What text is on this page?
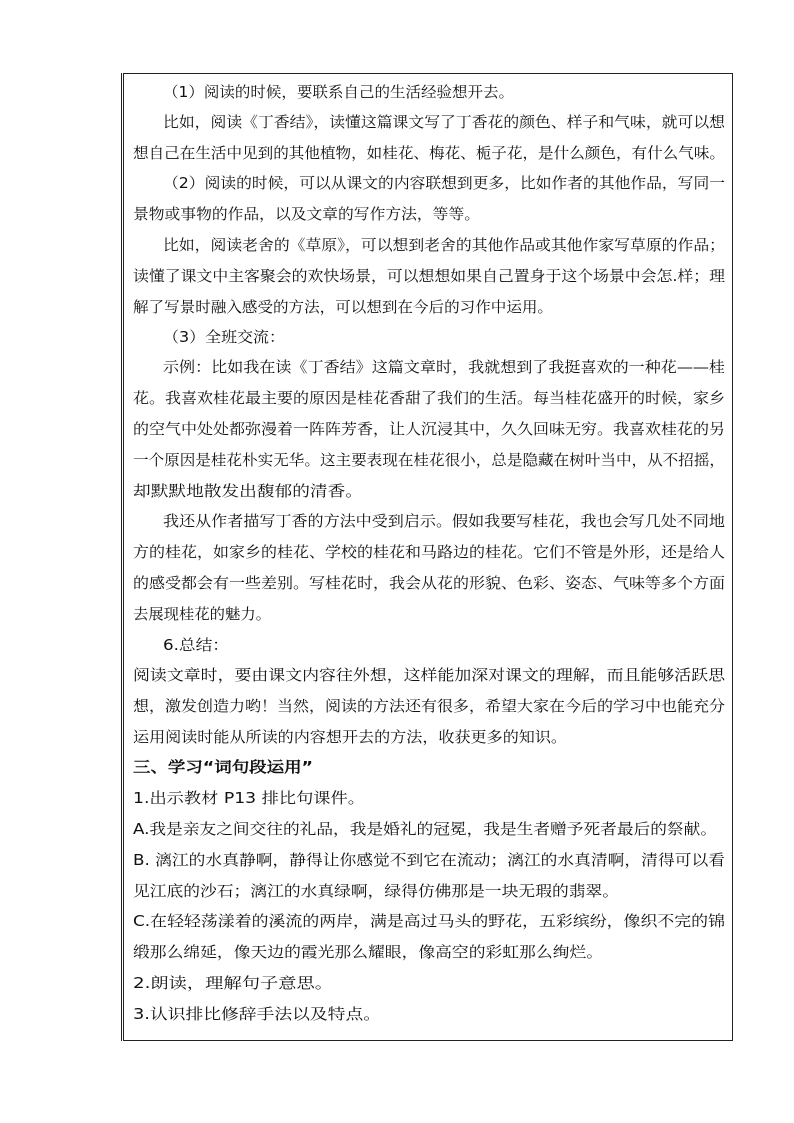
（1）阅读的时候，要联系自己的生活经验想开去。
比如，阅读《丁香结》，读懂这篇课文写了丁香花的颜色、样子和气味，就可以想
想自己在生活中见到的其他植物，如桂花、梅花、栀子花，是什么颜色，有什么气味。
（2）阅读的时候，可以从课文的内容联想到更多，比如作者的其他作品，写同一
景物或事物的作品，以及文章的写作方法，等等。
比如，阅读老舍的《草原》，可以想到老舍的其他作品或其他作家写草原的作品；
读懂了课文中主客聚会的欢快场景，可以想想如果自己置身于这个场景中会怎.样；理
解了写景时融入感受的方法，可以想到在今后的习作中运用。
（3）全班交流：
示例：比如我在读《丁香结》这篇文章时，我就想到了我挺喜欢的一种花——桂
花。我喜欢桂花最主要的原因是桂花香甜了我们的生活。每当桂花盛开的时候，家乡
的空气中处处都弥漫着一阵阵芳香，让人沉浸其中，久久回味无穷。我喜欢桂花的另
一个原因是桂花朴实无华。这主要表现在桂花很小，总是隐藏在树叶当中，从不招摇，
却默默地散发出馥郁的清香。
我还从作者描写丁香的方法中受到启示。假如我要写桂花，我也会写几处不同地
方的桂花，如家乡的桂花、学校的桂花和马路边的桂花。它们不管是外形，还是给人
的感受都会有一些差别。写桂花时，我会从花的形貌、色彩、姿态、气味等多个方面
去展现桂花的魅力。
6.总结：
阅读文章时，要由课文内容往外想，这样能加深对课文的理解，而且能够活跃思
想，激发创造力哟！当然，阅读的方法还有很多，希望大家在今后的学习中也能充分
运用阅读时能从所读的内容想开去的方法，收获更多的知识。
三、学习“词句段运用”
1.出示教材 P13 排比句课件。
A.我是亲友之间交往的礼品，我是婚礼的冠冕，我是生者赠予死者最后的祭献。
B. 漓江的水真静啊，静得让你感觉不到它在流动；漓江的水真清啊，清得可以看
见江底的沙石；漓江的水真绿啊，绿得仿佛那是一块无瑕的翡翠。
C.在轻轻荡漾着的溪流的两岸，满是高过马头的野花，五彩缤纷，像织不完的锦
缎那么绵延，像天边的霞光那么耀眼，像高空的彩虹那么绚烂。
2.朗读，理解句子意思。
3.认识排比修辞手法以及特点。
